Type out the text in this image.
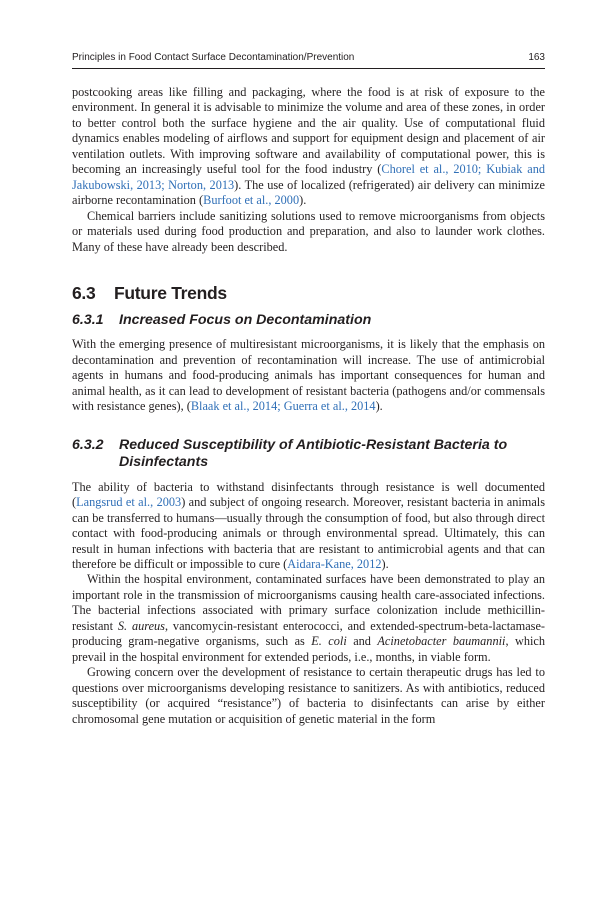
Principles in Food Contact Surface Decontamination/Prevention	163

postcooking areas like filling and packaging, where the food is at risk of exposure to the environment. In general it is advisable to minimize the volume and area of these zones, in order to better control both the surface hygiene and the air quality. Use of computational fluid dynamics enables modeling of airflows and support for equipment design and placement of air ventilation outlets. With improving software and availability of computational power, this is becoming an increasingly useful tool for the food industry (Chorel et al., 2010; Kubiak and Jakubowski, 2013; Norton, 2013). The use of localized (refrigerated) air delivery can minimize airborne recontamination (Burfoot et al., 2000).

Chemical barriers include sanitizing solutions used to remove microorganisms from objects or materials used during food production and preparation, and also to launder work clothes. Many of these have already been described.

6.3	Future Trends
6.3.1	Increased Focus on Decontamination

With the emerging presence of multiresistant microorganisms, it is likely that the emphasis on decontamination and prevention of recontamination will increase. The use of antimicrobial agents in humans and food-producing animals has important consequences for human and animal health, as it can lead to development of resistant bacteria (pathogens and/or commensals with resistance genes), (Blaak et al., 2014; Guerra et al., 2014).

6.3.2	Reduced Susceptibility of Antibiotic-Resistant Bacteria to Disinfectants

The ability of bacteria to withstand disinfectants through resistance is well documented (Langsrud et al., 2003) and subject of ongoing research. Moreover, resistant bacteria in animals can be transferred to humans—usually through the consumption of food, but also through direct contact with food-producing animals or through environmental spread. Ultimately, this can result in human infections with bacteria that are resistant to antimicrobial agents and that can therefore be difficult or impossible to cure (Aidara-Kane, 2012).

Within the hospital environment, contaminated surfaces have been demonstrated to play an important role in the transmission of microorganisms causing health care-associated infections. The bacterial infections associated with primary surface colonization include methicillin-resistant S. aureus, vancomycin-resistant enterococci, and extended-spectrum-beta-lactamase-producing gram-negative organisms, such as E. coli and Acinetobacter baumannii, which prevail in the hospital environment for extended periods, i.e., months, in viable form.

Growing concern over the development of resistance to certain therapeutic drugs has led to questions over microorganisms developing resistance to sanitizers. As with antibiotics, reduced susceptibility (or acquired “resistance”) of bacteria to disinfectants can arise by either chromosomal gene mutation or acquisition of genetic material in the form
